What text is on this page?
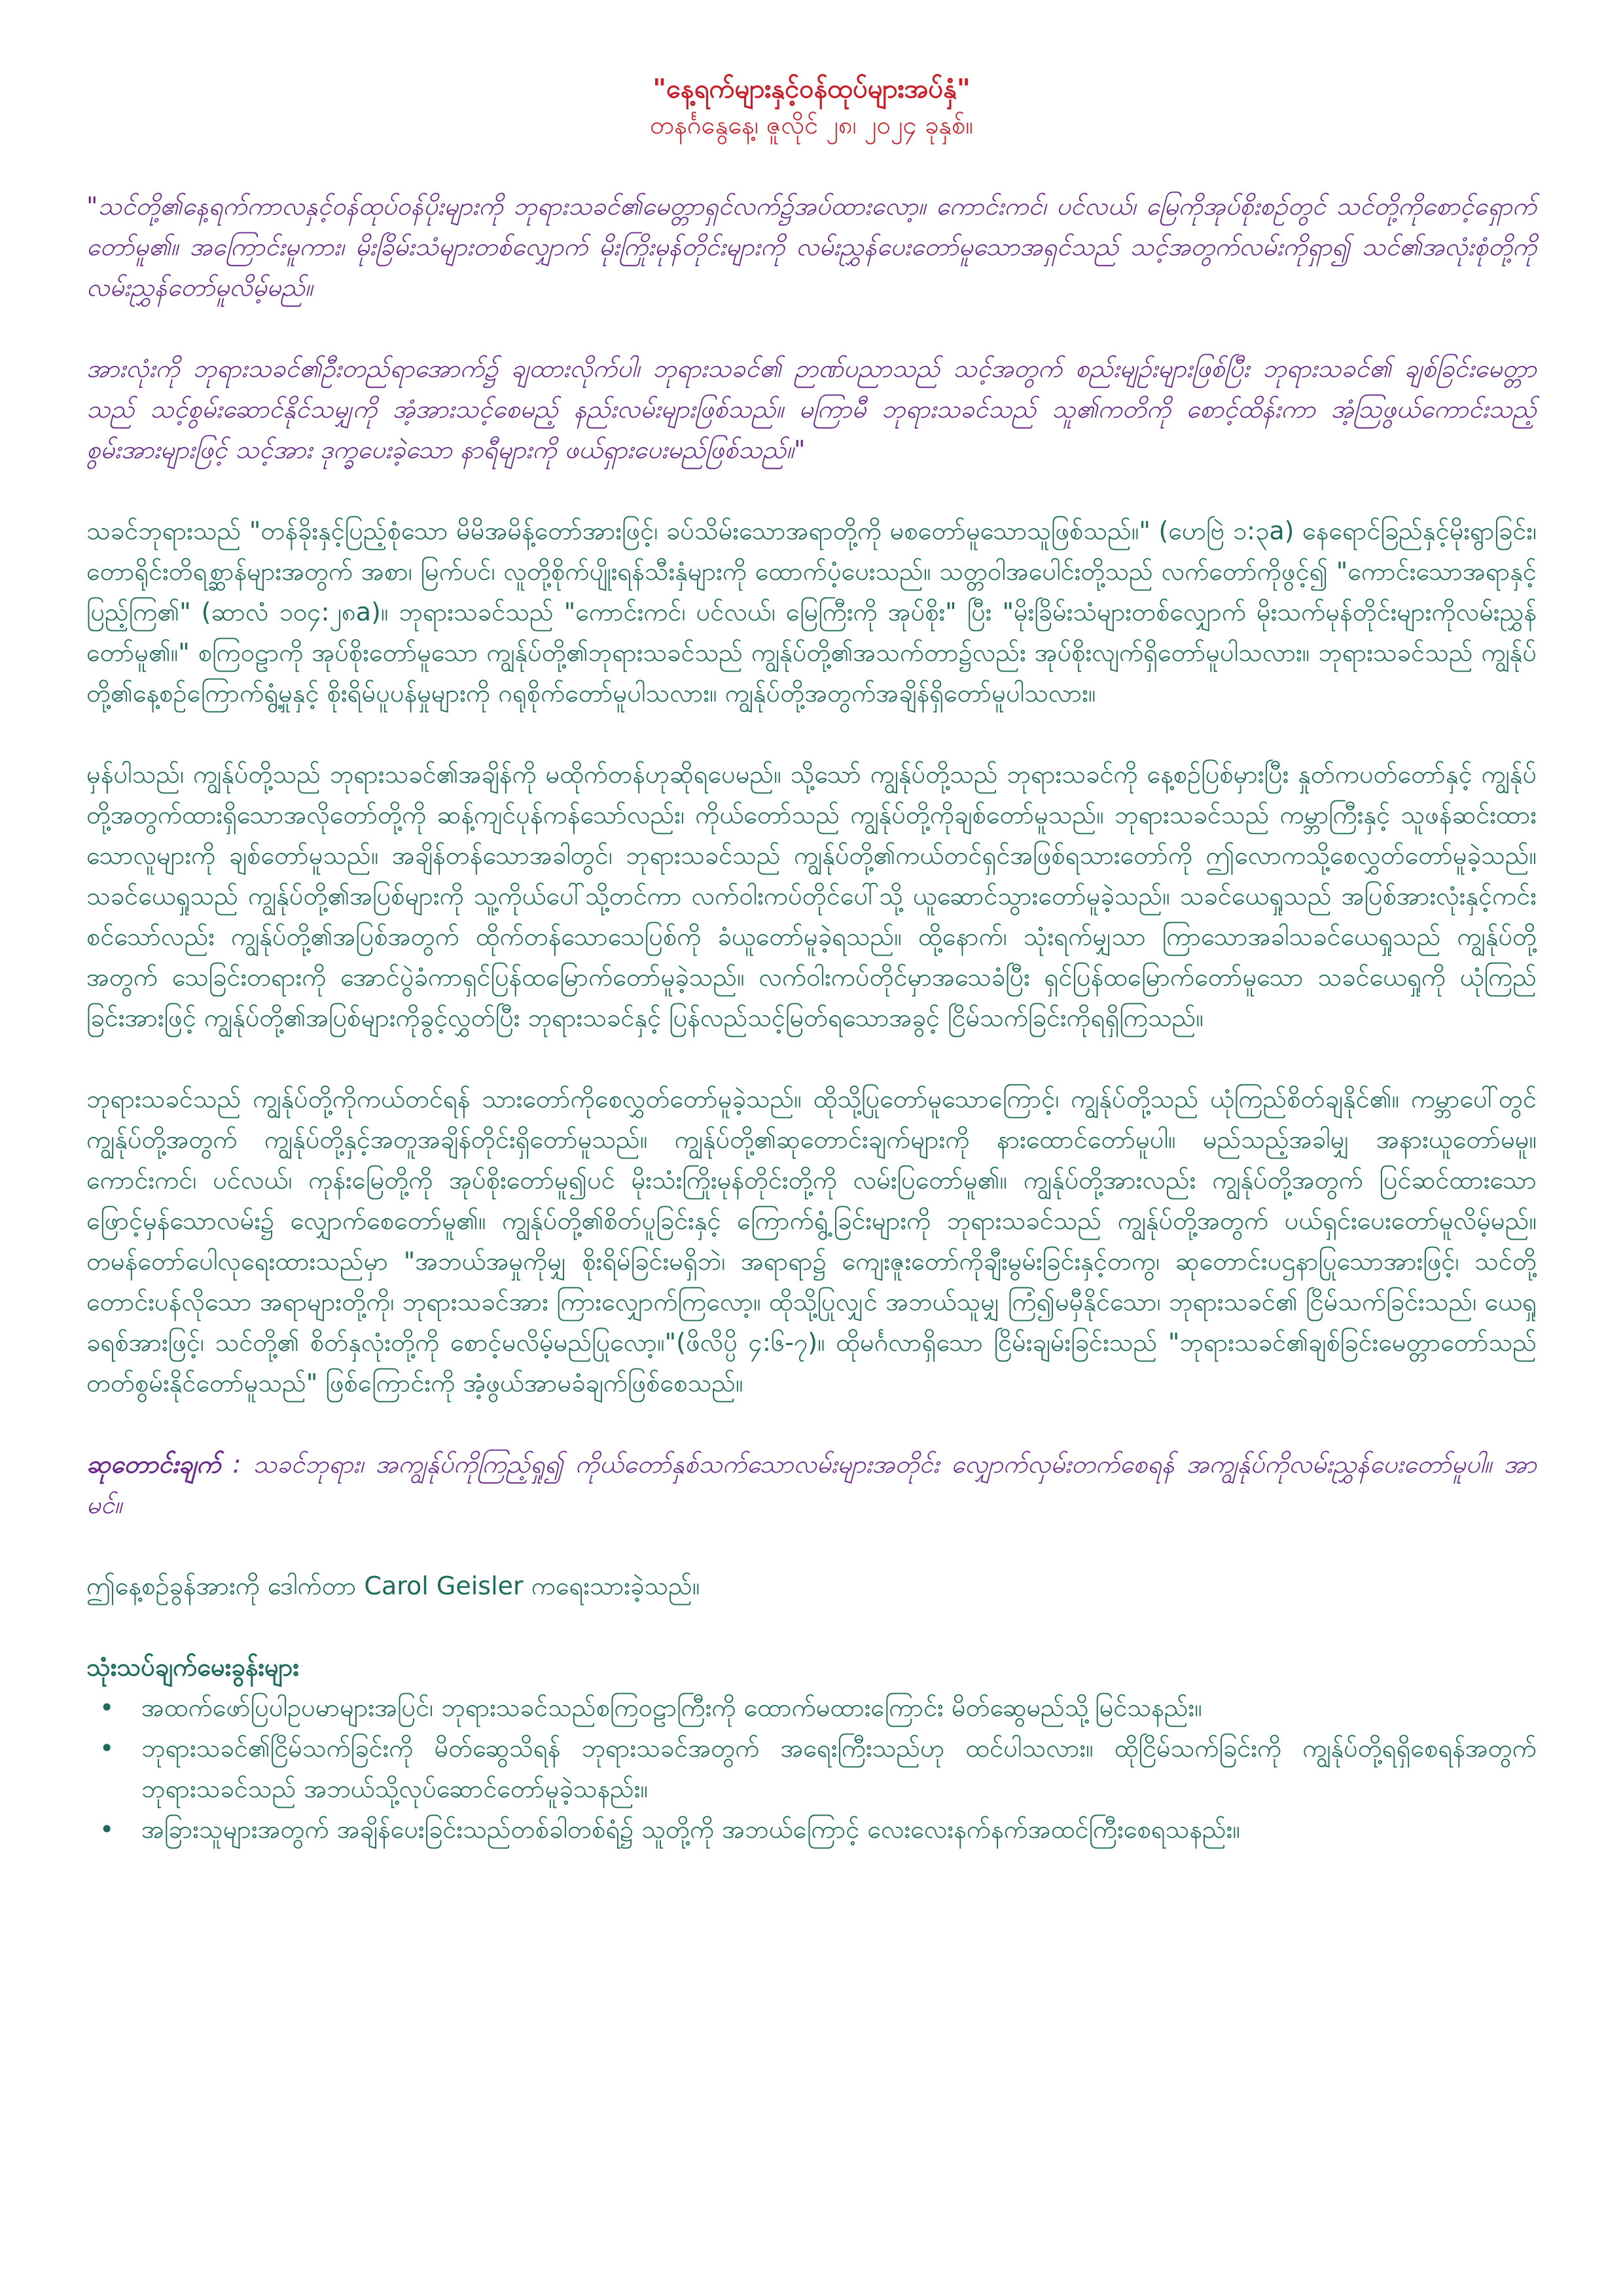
"နေ့ရက်များနှင့်ဝန်ထုပ်များအပ်နှံ"
တနင်္ဂနွေနေ့၊ ဇူလိုင် ၂၈၊ ၂၀၂၄ ခုနှစ်။

"သင်တို့၏နေ့ရက်ကာလနှင့်ဝန်ထုပ်ဝန်ပိုးများကို ဘုရားသခင်၏မေတ္တာရှင်လက်၌အပ်ထားလော့။ ကောင်းကင်၊ ပင်လယ်၊ မြေကိုအုပ်စိုးစဉ်တွင် သင်တို့ကိုစောင့်ရှောက်တော်မူ၏။ အကြောင်းမူကား၊ မိုးခြိမ်းသံများတစ်လျှောက် မိုးကြိုးမုန်တိုင်းများကို လမ်းညွှန်ပေးတော်မူသောအရှင်သည် သင့်အတွက်လမ်းကိုရှာ၍ သင်၏အလုံးစုံတို့ကို လမ်းညွှန်တော်မူလိမ့်မည်။

အားလုံးကို ဘုရားသခင်၏ဦးတည်ရာအောက်၌ ချထားလိုက်ပါ၊ ဘုရားသခင်၏ ဉာဏ်ပညာသည် သင့်အတွက် စည်းမျဉ်းများဖြစ်ပြီး ဘုရားသခင်၏ ချစ်ခြင်းမေတ္တာသည် သင့်စွမ်းဆောင်နိုင်သမျှကို အံ့အားသင့်စေမည့် နည်းလမ်းများဖြစ်သည်။ မကြာမီ ဘုရားသခင်သည် သူ၏ကတိကို စောင့်ထိန်းကာ အံ့ဩဖွယ်ကောင်းသည့် စွမ်းအားများဖြင့် သင့်အား ဒုက္ခပေးခဲ့သော နာရီများကို ဖယ်ရှားပေးမည်ဖြစ်သည်။"

သခင်ဘုရားသည် "တန်ခိုးနှင့်ပြည့်စုံသော မိမိအမိန့်တော်အားဖြင့်၊ ခပ်သိမ်းသောအရာတို့ကို မစတော်မူသောသူဖြစ်သည်။" (ဟေဗြဲ ၁:၃a) နေရောင်ခြည်နှင့်မိုးရွာခြင်း၊ တောရိုင်းတိရစ္ဆာန်များအတွက် အစာ၊ မြက်ပင်၊ လူတို့စိုက်ပျိုးရန်သီးနှံများကို ထောက်ပံ့ပေးသည်။ သတ္တဝါအပေါင်းတို့သည် လက်တော်ကိုဖွင့်၍ "ကောင်းသောအရာနှင့် ပြည့်ကြ၏" (ဆာလံ ၁၀၄:၂၈a)။ ဘုရားသခင်သည် "ကောင်းကင်၊ ပင်လယ်၊ မြေကြီးကို အုပ်စိုး" ပြီး "မိုးခြိမ်းသံများတစ်လျှောက် မိုးသက်မုန်တိုင်းများကိုလမ်းညွှန်တော်မူ၏။" စကြဝဠာကို အုပ်စိုးတော်မူသော ကျွန်ုပ်တို့၏ဘုရားသခင်သည် ကျွန်ုပ်တို့၏အသက်တာ၌လည်း အုပ်စိုးလျက်ရှိတော်မူပါသလား။ ဘုရားသခင်သည် ကျွန်ုပ်တို့၏နေ့စဉ်ကြောက်ရွံ့မှုနှင့် စိုးရိမ်ပူပန်မှုများကို ဂရုစိုက်တော်မူပါသလား။ ကျွန်ုပ်တို့အတွက်အချိန်ရှိတော်မူပါသလား။

မှန်ပါသည်၊ ကျွန်ုပ်တို့သည် ဘုရားသခင်၏အချိန်ကို မထိုက်တန်ဟုဆိုရပေမည်။ သို့သော် ကျွန်ုပ်တို့သည် ဘုရားသခင်ကို နေ့စဉ်ပြစ်မှားပြီး နှုတ်ကပတ်တော်နှင့် ကျွန်ုပ်တို့အတွက်ထားရှိသောအလိုတော်တို့ကို ဆန့်ကျင်ပုန်ကန်သော်လည်း၊ ကိုယ်တော်သည် ကျွန်ုပ်တို့ကိုချစ်တော်မူသည်။ ဘုရားသခင်သည် ကမ္ဘာကြီးနှင့် သူဖန်ဆင်းထားသောလူများကို ချစ်တော်မူသည်။ အချိန်တန်သောအခါတွင်၊ ဘုရားသခင်သည် ကျွန်ုပ်တို့၏ကယ်တင်ရှင်အဖြစ်ရသားတော်ကို ဤလောကသို့စေလွှတ်တော်မူခဲ့သည်။ သခင်ယေရှုသည် ကျွန်ုပ်တို့၏အပြစ်များကို သူ့ကိုယ်ပေါ်သို့တင်ကာ လက်ဝါးကပ်တိုင်ပေါ်သို့ ယူဆောင်သွားတော်မူခဲ့သည်။ သခင်ယေရှုသည် အပြစ်အားလုံးနှင့်ကင်းစင်သော်လည်း ကျွန်ုပ်တို့၏အပြစ်အတွက် ထိုက်တန်သောသေပြစ်ကို ခံယူတော်မူခဲ့ရသည်။ ထို့နောက်၊ သုံးရက်မျှသာ ကြာသောအခါသခင်ယေရှုသည် ကျွန်ုပ်တို့အတွက် သေခြင်းတရားကို အောင်ပွဲခံကာရှင်ပြန်ထမြောက်တော်မူခဲ့သည်။ လက်ဝါးကပ်တိုင်မှာအသေခံပြီး ရှင်ပြန်ထမြောက်တော်မူသော သခင်ယေရှုကို ယုံကြည်ခြင်းအားဖြင့် ကျွန်ုပ်တို့၏အပြစ်များကိုခွင့်လွှတ်ပြီး ဘုရားသခင်နှင့် ပြန်လည်သင့်မြတ်ရသောအခွင့် ငြိမ်သက်ခြင်းကိုရရှိကြသည်။

ဘုရားသခင်သည် ကျွန်ုပ်တို့ကိုကယ်တင်ရန် သားတော်ကိုစေလွှတ်တော်မူခဲ့သည်။ ထိုသို့ပြုတော်မူသောကြောင့်၊ ကျွန်ုပ်တို့သည် ယုံကြည်စိတ်ချနိုင်၏။ ကမ္ဘာပေါ်တွင် ကျွန်ုပ်တို့အတွက် ကျွန်ုပ်တို့နှင့်အတူအချိန်တိုင်းရှိတော်မူသည်။ ကျွန်ုပ်တို့၏ဆုတောင်းချက်များကို နားထောင်တော်မူပါ။ မည်သည့်အခါမျှ အနားယူတော်မမူ။ ကောင်းကင်၊ ပင်လယ်၊ ကုန်းမြေတို့ကို အုပ်စိုးတော်မူ၍ပင် မိုးသံးကြိုးမုန်တိုင်းတို့ကို လမ်းပြတော်မူ၏။ ကျွန်ုပ်တို့အားလည်း ကျွန်ုပ်တို့အတွက် ပြင်ဆင်ထားသော ဖြောင့်မှန်သောလမ်း၌ လျှောက်စေတော်မူ၏။ ကျွန်ုပ်တို့၏စိတ်ပူခြင်းနှင့် ကြောက်ရွံ့ခြင်းများကို ဘုရားသခင်သည် ကျွန်ုပ်တို့အတွက် ပယ်ရှင်းပေးတော်မူလိမ့်မည်။ တမန်တော်ပေါလုရေးထားသည်မှာ "အဘယ်အမှုကိုမျှ စိုးရိမ်ခြင်းမရှိဘဲ၊ အရာရာ၌ ကျေးဇူးတော်ကိုချီးမွမ်းခြင်းနှင့်တကွ၊ ဆုတောင်းပဌနာပြုသောအားဖြင့်၊ သင်တို့တောင်းပန်လိုသော အရာများတို့ကို၊ ဘုရားသခင်အား ကြားလျှောက်ကြလော့။ ထိုသို့ပြုလျှင် အဘယ်သူမျှ ကြံ၍မမှီနိုင်သော၊ ဘုရားသခင်၏ ငြိမ်သက်ခြင်းသည်၊ ယေရှုခရစ်အားဖြင့်၊ သင်တို့၏ စိတ်နှလုံးတို့ကို စောင့်မလိမ့်မည်ပြုလော့။"(ဖိလိပ္ပိ ၄:၆-၇)။ ထိုမင်္ဂလာရှိသော ငြိမ်းချမ်းခြင်းသည် "ဘုရားသခင်၏ချစ်ခြင်းမေတ္တာတော်သည် တတ်စွမ်းနိုင်တော်မူသည်" ဖြစ်ကြောင်းကို အံ့ဖွယ်အာမခံချက်ဖြစ်စေသည်။

ဆုတောင်းချက် : သခင်ဘုရား၊ အကျွန်ုပ်ကိုကြည့်ရှု၍ ကိုယ်တော်နှစ်သက်သောလမ်းများအတိုင်း လျှောက်လှမ်းတက်စေရန် အကျွန်ုပ်ကိုလမ်းညွှန်ပေးတော်မူပါ။ အာမင်။

ဤနေ့စဉ်ခွန်အားကို ဒေါက်တာ Carol Geisler ကရေးသားခဲ့သည်။

သုံးသပ်ချက်မေးခွန်းများ
• အထက်ဖော်ပြပါဥပမာများအပြင်၊ ဘုရားသခင်သည်စကြဝဠာကြီးကို ထောက်မထားကြောင်း မိတ်ဆွေမည်သို့မြင်သနည်း။
• ဘုရားသခင်၏ငြိမ်သက်ခြင်းကို မိတ်ဆွေသိရန် ဘုရားသခင်အတွက် အရေးကြီးသည်ဟု ထင်ပါသလား။ ထိုငြိမ်သက်ခြင်းကို ကျွန်ုပ်တို့ရရှိစေရန်အတွက် ဘုရားသခင်သည် အဘယ်သို့လုပ်ဆောင်တော်မူခဲ့သနည်း။
• အခြားသူများအတွက် အချိန်ပေးခြင်းသည်တစ်ခါတစ်ရံ၌ သူတို့ကို အဘယ်ကြောင့် လေးလေးနက်နက်အထင်ကြီးစေရသနည်း။
